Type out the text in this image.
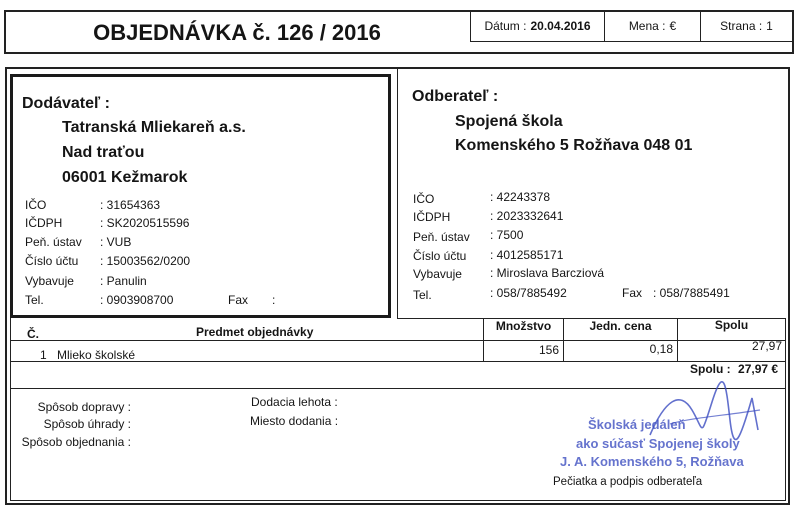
OBJEDNÁVKA č. 126 / 2016	Dátum : 20.04.2016	Mena : €	Strana : 1
Dodávateľ :
Tatranská Mliekareň a.s.
Nad traťou
06001 Kežmarok
IČO	: 31654363
IČDPH	: SK2020515596
Peň. ústav : VUB
Číslo účtu : 15003562/0200
Vybavuje : Panulin
Tel.	: 0903908700	Fax :
Odberateľ :
Spojená škola
Komenského 5 Rožňava 048 01
IČO	: 42243378
IČDPH	: 2023332641
Peň. ústav : 7500
Číslo účtu : 4012585171
Vybavuje : Miroslava Barcziová
Tel.	: 058/7885492	Fax : 058/7885491
Č.	Predmet objednávky	Množstvo	Jedn. cena	Spolu
1 Mlieko školské	156	0,18	27,97
Spolu : 27,97 €
Spôsob dopravy :
Spôsob úhrady :
Spôsob objednania :
Dodacia lehota :
Miesto dodania :	Školská jedáleň
ako súčasť Spojenej školy
J. A. Komenského 5, Rožňava
Pečiatka a podpis odberateľa
